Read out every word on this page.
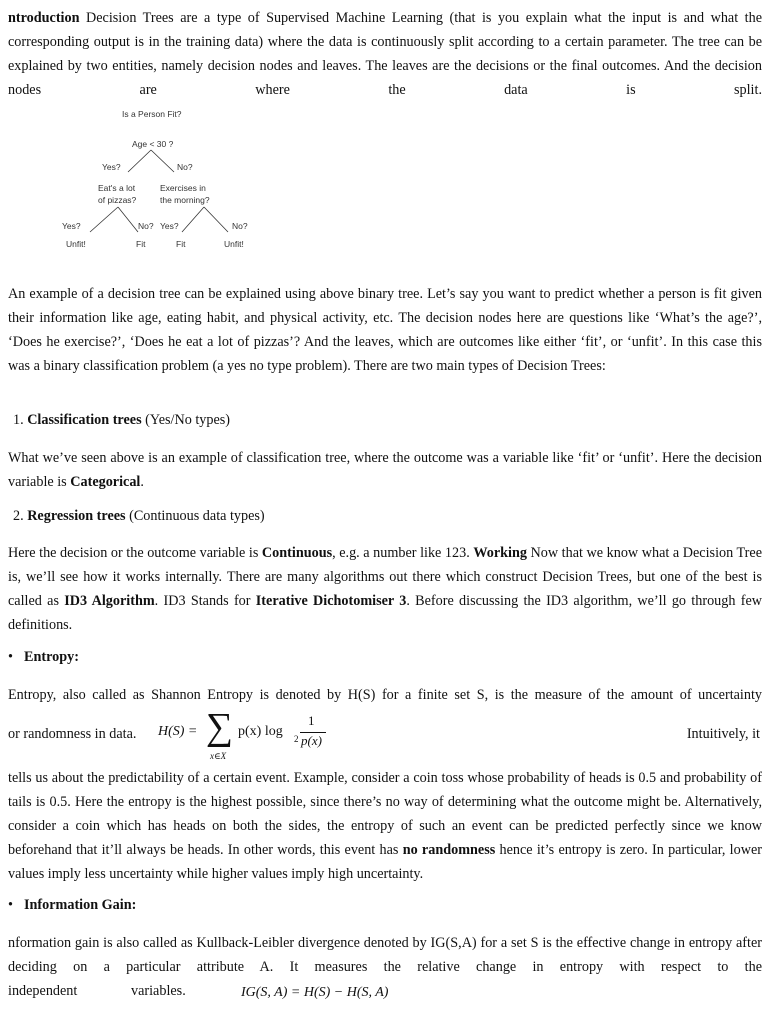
ntroduction Decision Trees are a type of Supervised Machine Learning (that is you explain what the input is and what the corresponding output is in the training data) where the data is continuously split according to a certain parameter. The tree can be explained by two entities, namely decision nodes and leaves. The leaves are the decisions or the final outcomes. And the decision nodes are where the data is split.

Is a Person Fit?
Age < 30 ?
Yes?	No?
Eat's a lot
of pizzas?
Exercises in
the morning?
Yes?	No? Yes?	No?
Unfit!	Fit	Fit	Unfit!

An example of a decision tree can be explained using above binary tree. Let’s say you want to predict whether a person is fit given their information like age, eating habit, and physical activity, etc. The decision nodes here are questions like ‘What’s the age?’, ‘Does he exercise?’, ‘Does he eat a lot of pizzas’? And the leaves, which are outcomes like either ‘fit’, or ‘unfit’. In this case this was a binary classification problem (a yes no type problem). There are two main types of Decision Trees:

1. Classification trees (Yes/No types)

What we’ve seen above is an example of classification tree, where the outcome was a variable like ‘fit’ or ‘unfit’. Here the decision variable is Categorical.

2. Regression trees (Continuous data types)

Here the decision or the outcome variable is Continuous, e.g. a number like 123. Working Now that we know what a Decision Tree is, we’ll see how it works internally. There are many algorithms out there which construct Decision Trees, but one of the best is called as ID3 Algorithm. ID3 Stands for Iterative Dichotomiser 3. Before discussing the ID3 algorithm, we’ll go through few definitions.

• Entropy:

Entropy, also called as Shannon Entropy is denoted by H(S) for a finite set S, is the measure of the amount of uncertainty

or randomness in data. H(S) = ∑
x∈X
p(x) log 2
1
p(x)	Intuitively, it

tells us about the predictability of a certain event. Example, consider a coin toss whose probability of heads is 0.5 and probability of tails is 0.5. Here the entropy is the highest possible, since there’s no way of determining what the outcome might be. Alternatively, consider a coin which has heads on both the sides, the entropy of such an event can be predicted perfectly since we know beforehand that it’ll always be heads. In other words, this event has no randomness hence it’s entropy is zero. In particular, lower values imply less uncertainty while higher values imply high uncertainty.

• Information Gain:

nformation gain is also called as Kullback-Leibler divergence denoted by IG(S,A) for a set S is the effective change in entropy after deciding on a particular attribute A. It measures the relative change in entropy with respect to the

independent	variables.	IG(S, A) = H(S) − H(S, A)
